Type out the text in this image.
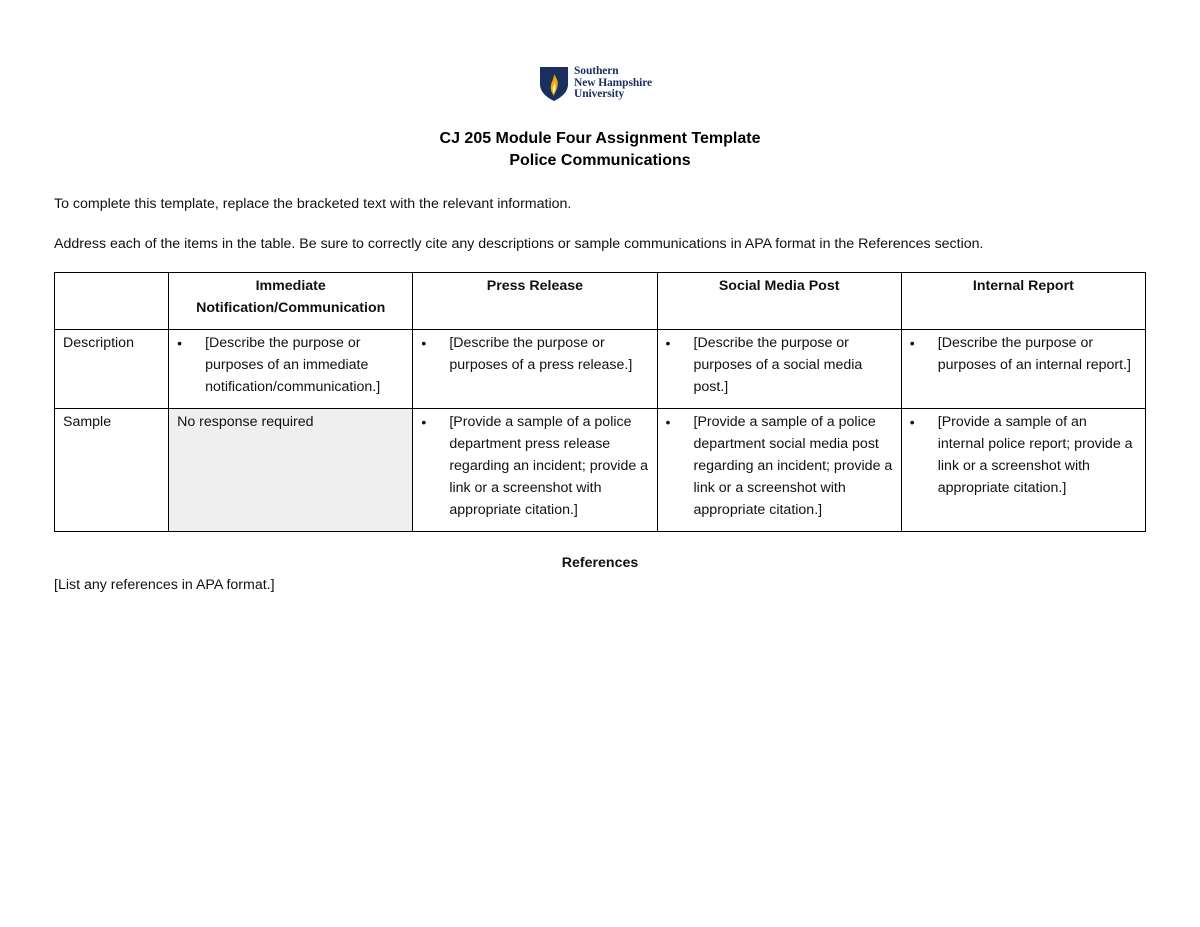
Southern
New Hampshire
University
CJ 205 Module Four Assignment Template
Police Communications
To complete this template, replace the bracketed text with the relevant information.
Address each of the items in the table. Be sure to correctly cite any descriptions or sample communications in APA format in the References section.

	Immediate
Notification/Communication	Press Release	Social Media Post	Internal Report
Description	• [Describe the purpose or purposes of an immediate notification/communication.]	• [Describe the purpose or purposes of a press release.]	• [Describe the purpose or purposes of a social media post.]	• [Describe the purpose or purposes of an internal report.]

Sample	No response required	• [Provide a sample of a police department press release regarding an incident; provide a link or a screenshot with appropriate citation.]	• [Provide a sample of a police department social media post regarding an incident; provide a link or a screenshot with appropriate citation.]	• [Provide a sample of an internal police report; provide a link or a screenshot with appropriate citation.]
References
[List any references in APA format.]
